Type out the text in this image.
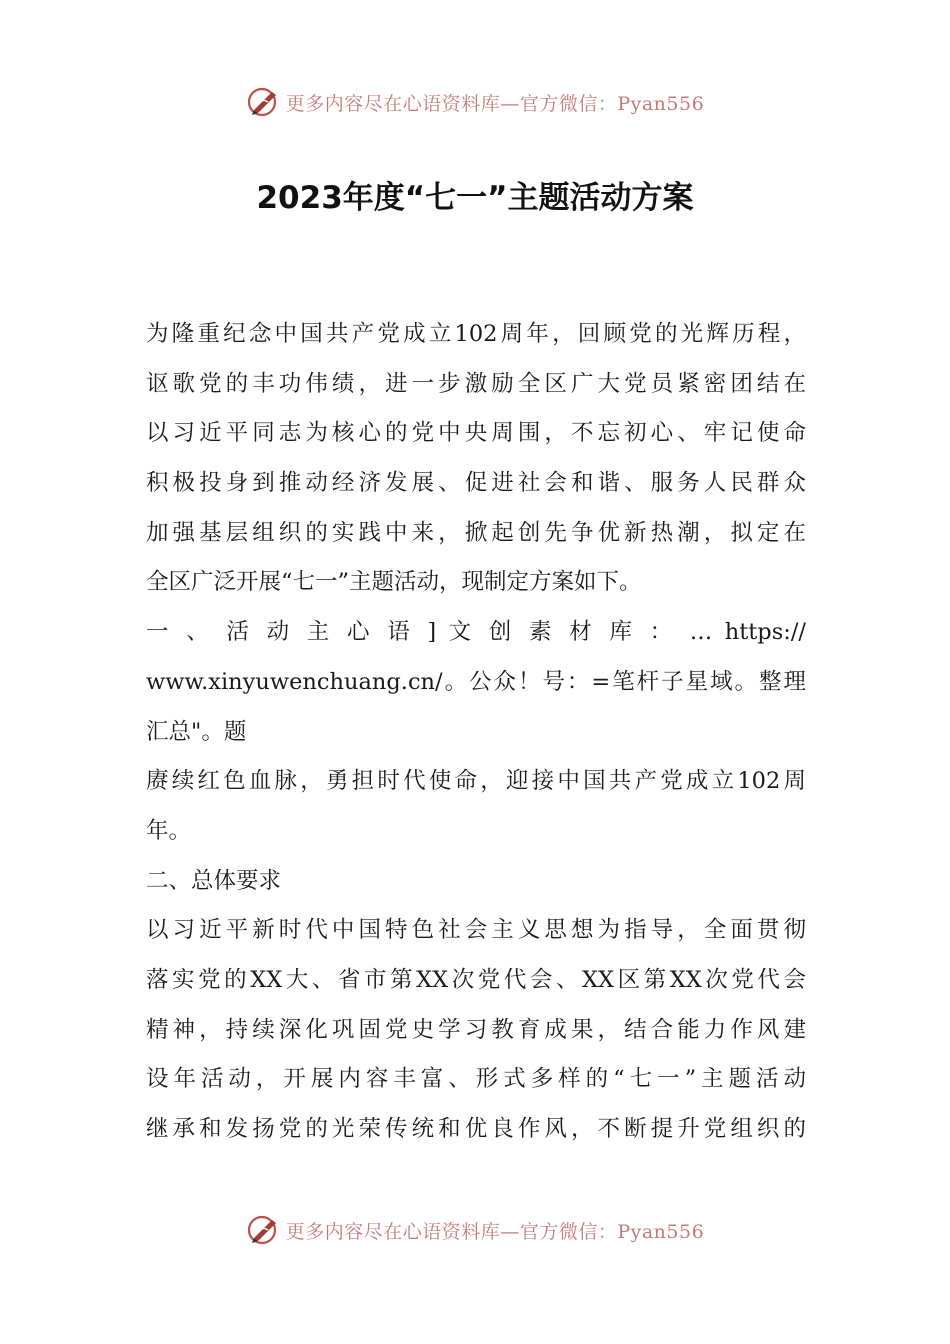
更多内容尽在心语资料库—官方微信：Pyan556
2023年度“七一”主题活动方案
为隆重纪念中国共产党成立102周年，回顾党的光辉历程，
讴歌党的丰功伟绩，进一步激励全区广大党员紧密团结在
以习近平同志为核心的党中央周围，不忘初心、牢记使命
积极投身到推动经济发展、促进社会和谐、服务人民群众
加强基层组织的实践中来，掀起创先争优新热潮，拟定在
全区广泛开展“七一”主题活动，现制定方案如下。
一 、 活 动 主 心 语 ] 文 创 素 材 库 ： … https://
www.xinyuwenchuang.cn/。公众！号：=笔杆子星域。整理
汇总"。题
赓续红色血脉，勇担时代使命，迎接中国共产党成立102周
年。
二、总体要求
以习近平新时代中国特色社会主义思想为指导，全面贯彻
落实党的XX大、省市第XX次党代会、XX区第XX次党代会
精神，持续深化巩固党史学习教育成果，结合能力作风建
设年活动，开展内容丰富、形式多样的“七一”主题活动
继承和发扬党的光荣传统和优良作风，不断提升党组织的
更多内容尽在心语资料库—官方微信：Pyan556
